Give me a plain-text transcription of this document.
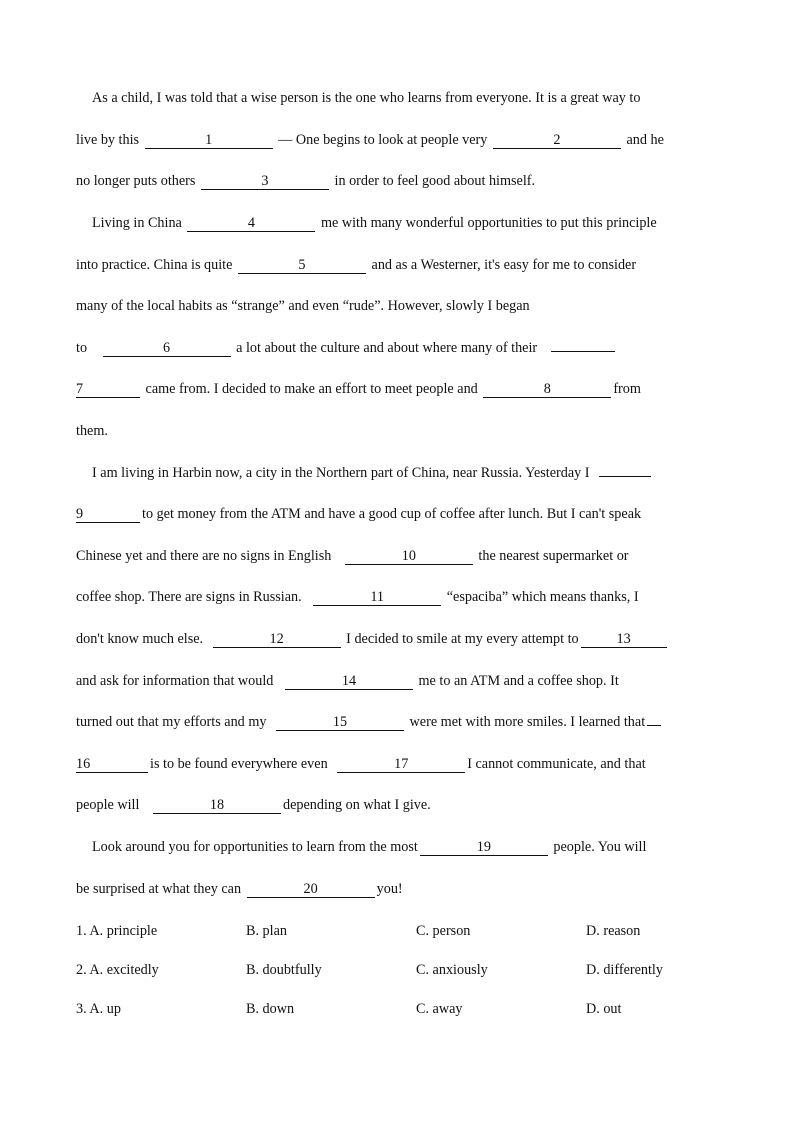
As a child, I was told that a wise person is the one who learns from everyone. It is a great way to
live by this	1	— One begins to look at people very	2	and he
no longer puts others	3	in order to feel good about himself.
Living in China	4	me with many wonderful opportunities to put this principle
into practice. China is quite	5	and as a Westerner, it's easy for me to consider
many of the local habits as “strange” and even “rude”. However, slowly I began
to	6	a lot about the culture and about where many of their
7	came from. I decided to make an effort to meet people and	8	from
them.
I am living in Harbin now, a city in the Northern part of China, near Russia. Yesterday I
9	to get money from the ATM and have a good cup of coffee after lunch. But I can't speak
Chinese yet and there are no signs in English	10	the nearest supermarket or
coffee shop. There are signs in Russian.	11	“espaciba” which means thanks, I
don't know much else.	12	I decided to smile at my every attempt to	13
and ask for information that would	14	me to an ATM and a coffee shop. It
turned out that my efforts and my	15	were met with more smiles. I learned that
16	is to be found everywhere even	17	I cannot communicate, and that
people will	18	depending on what I give.
Look around you for opportunities to learn from the most	19	people. You will
be surprised at what they can	20	you!
1. A. principle	B. plan	C. person	D. reason
2. A. excitedly	B. doubtfully	C. anxiously	D. differently
3. A. up	B. down	C. away	D. out
